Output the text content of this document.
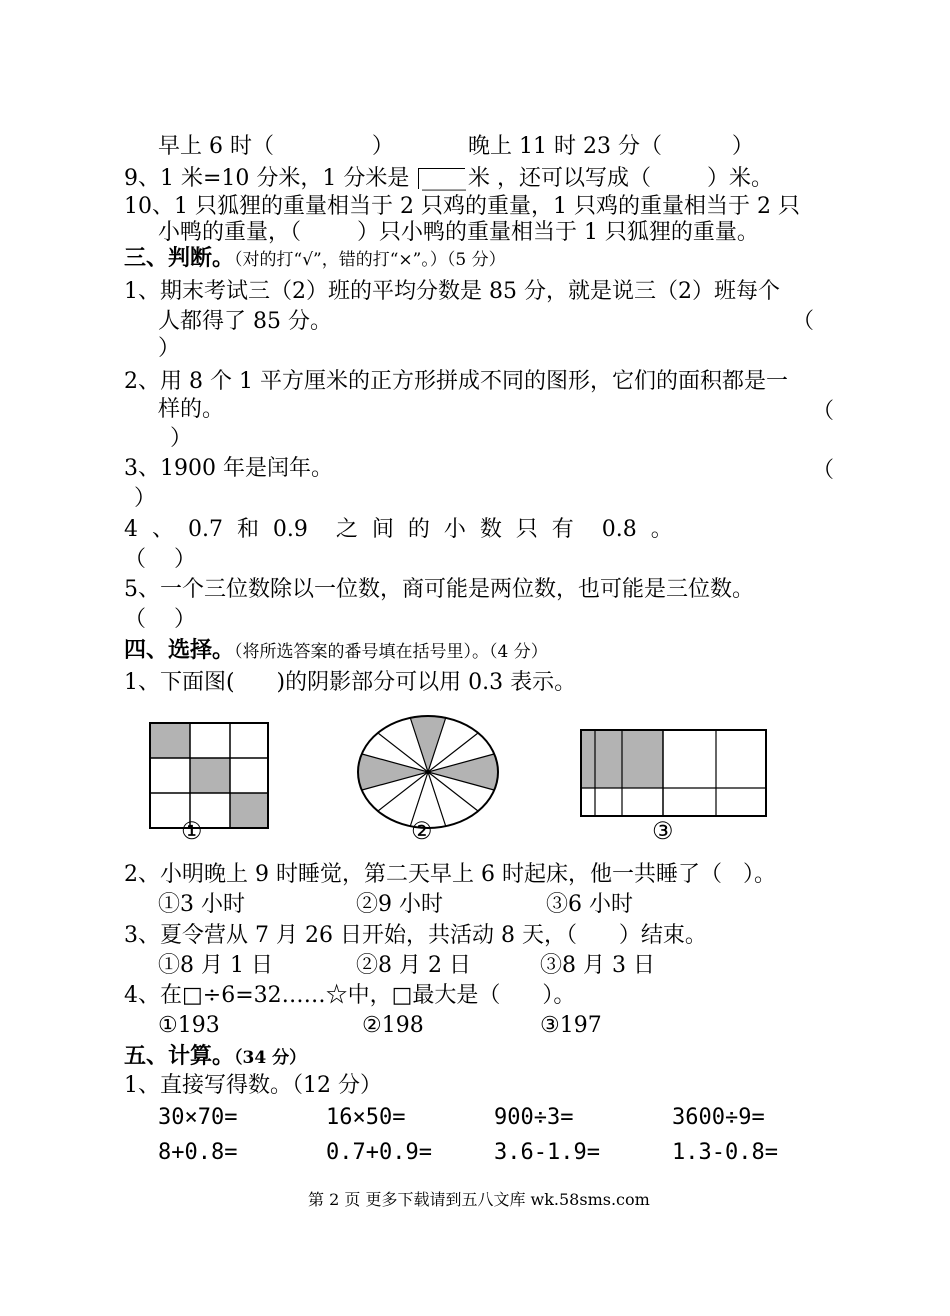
早上 6 时（              ）	晚上 11 时 23 分（          ）
9、1 米=10 分米，1 分米是 ____ 米 ，还可以写成（        ）米。
10、1 只狐狸的重量相当于 2 只鸡的重量，1 只鸡的重量相当于 2 只
小鸭的重量，（        ）只小鸭的重量相当于 1 只狐狸的重量。
三、判断。（对的打“√”，错的打“×”。）（5 分）
1、期末考试三（2）班的平均分数是 85 分，就是说三（2）班每个
人都得了 85 分。	（
）
2、用 8 个 1 平方厘米的正方形拼成不同的图形，它们的面积都是一
样的。	（
）
3、1900 年是闰年。	（
）
4  、  0.7  和  0.9    之  间  的  小  数  只  有    0.8  。
（    ）
5、一个三位数除以一位数，商可能是两位数，也可能是三位数。
（    ）
四、选择。（将所选答案的番号填在括号里）。（4 分）
1、下面图(      )的阴影部分可以用 0.3 表示。
①	②	③
2、小明晚上 9 时睡觉，第二天早上 6 时起床，他一共睡了（   ）。
①3 小时	②9 小时	③6 小时
3、夏令营从 7 月 26 日开始，共活动 8 天，（      ）结束。
①8 月 1 日	②8 月 2 日	③8 月 3 日
4、在□÷6=32……☆中，□最大是（      ）。
①193	②198	③197
五、计算。（34 分）
1、直接写得数。（12 分）
30×70=	16×50=	900÷3=	3600÷9=
8+0.8=	0.7+0.9=	3.6-1.9=	1.3-0.8=
第 2 页 更多下载请到五八文库 wk.58sms.com
